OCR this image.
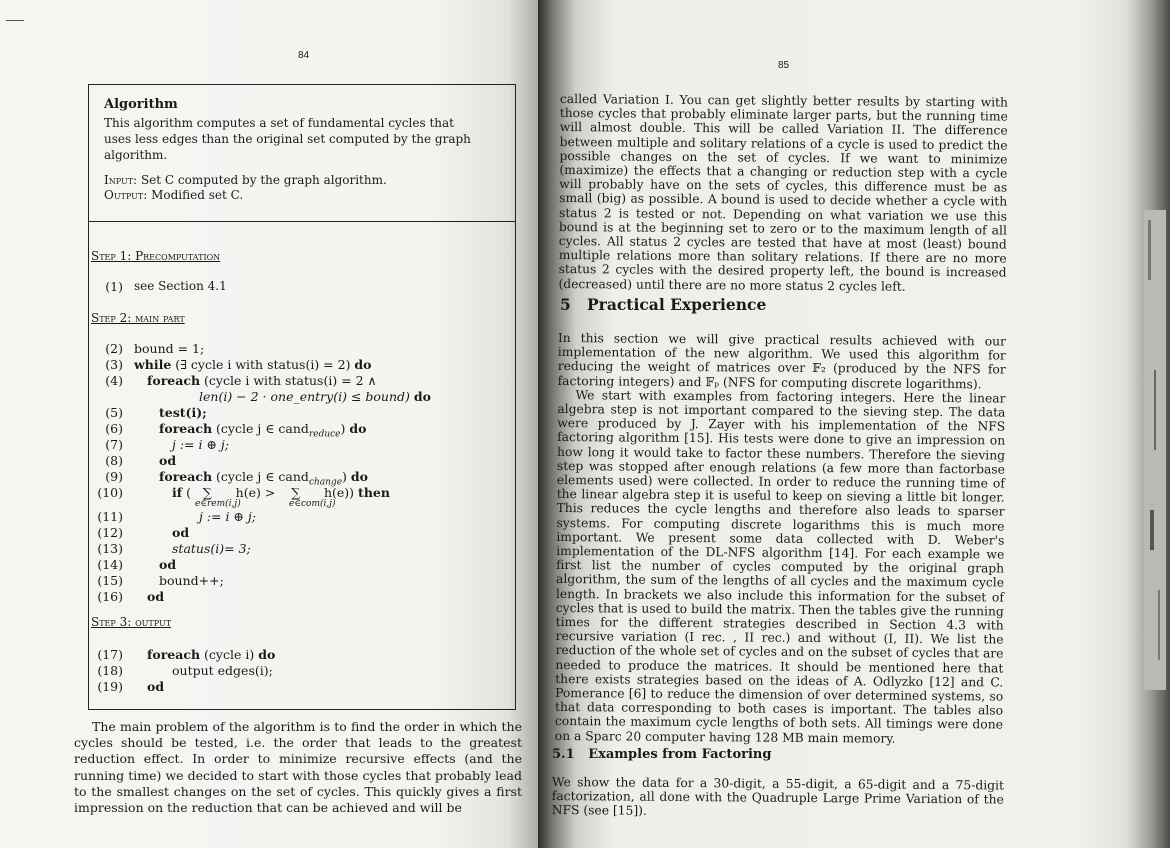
84
Algorithm
This algorithm computes a set of fundamental cycles that uses less edges than the original set computed by the graph algorithm.
Input: Set C computed by the graph algorithm.
Output: Modified set C.
Step 1: Precomputation
Step 2: main part
Step 3: output
(1) see Section 4.1
(2) bound = 1;
(3) while (∃ cycle i with status(i) = 2) do
(4) foreach (cycle i with status(i) = 2 ∧
len(i) − 2 · one_entry(i) ≤ bound) do
(5)	test(i);
(6)	foreach (cycle j ∈ cand$_{reduce}$) do
(7)	j := i ⊕ j;
(8)	od
(9)	foreach (cycle j ∈ cand$_{change}$) do
(10)	if (   ∑      h(e) >    ∑      h(e)) then
e∈rem(i,j)	e∈com(i,j)
(11)	j := i ⊕ j;
(12)	od
(13)	status(i)= 3;
(14)	od
(15)	bound++;
(16) od
(17) foreach (cycle i) do
(18)	output edges(i);
(19) od
The main problem of the algorithm is to find the order in which the cycles should be tested, i.e. the order that leads to the greatest reduction effect. In order to minimize recursive effects (and the running time) we decided to start with those cycles that probably lead to the smallest changes on the set of cycles. This quickly gives a first impression on the reduction that can be achieved and will be
85
called Variation I. You can get slightly better results by starting with those cycles that probably eliminate larger parts, but the running time will almost double. This will be called Variation II. The difference between multiple and solitary relations of a cycle is used to predict the possible changes on the set of cycles. If we want to minimize (maximize) the effects that a changing or reduction step with a cycle will probably have on the sets of cycles, this difference must be as small (big) as possible. A bound is used to decide whether a cycle with status 2 is tested or not. Depending on what variation we use this bound is at the beginning set to zero or to the maximum length of all cycles. All status 2 cycles are tested that have at most (least) bound multiple relations more than solitary relations. If there are no more status 2 cycles with the desired property left, the bound is increased (decreased) until there are no more status 2 cycles left.
5 Practical Experience
In this section we will give practical results achieved with our implementation of the new algorithm. We used this algorithm for reducing the weight of matrices over 𝔽₂ (produced by the NFS for factoring integers) and 𝔽ₚ (NFS for computing discrete logarithms).
We start with examples from factoring integers. Here the linear algebra step is not important compared to the sieving step. The data were produced by J. Zayer with his implementation of the NFS factoring algorithm [15]. His tests were done to give an impression on how long it would take to factor these numbers. Therefore the sieving step was stopped after enough relations (a few more than factorbase elements used) were collected. In order to reduce the running time of the linear algebra step it is useful to keep on sieving a little bit longer. This reduces the cycle lengths and therefore also leads to sparser systems. For computing discrete logarithms this is much more important. We present some data collected with D. Weber's implementation of the DL-NFS algorithm [14]. For each example we first list the number of cycles computed by the original graph algorithm, the sum of the lengths of all cycles and the maximum cycle length. In brackets we also include this information for the subset of cycles that is used to build the matrix. Then the tables give the running times for the different strategies described in Section 4.3 with recursive variation (I rec. , II rec.) and without (I, II). We list the reduction of the whole set of cycles and on the subset of cycles that are needed to produce the matrices. It should be mentioned here that there exists strategies based on the ideas of A. Odlyzko [12] and C. Pomerance [6] to reduce the dimension of over determined systems, so that data corresponding to both cases is important. The tables also contain the maximum cycle lengths of both sets. All timings were done on a Sparc 20 computer having 128 MB main memory.
5.1 Examples from Factoring
We show the data for a 30-digit, a 55-digit, a 65-digit and a 75-digit factorization, all done with the Quadruple Large Prime Variation of the NFS (see [15]).
